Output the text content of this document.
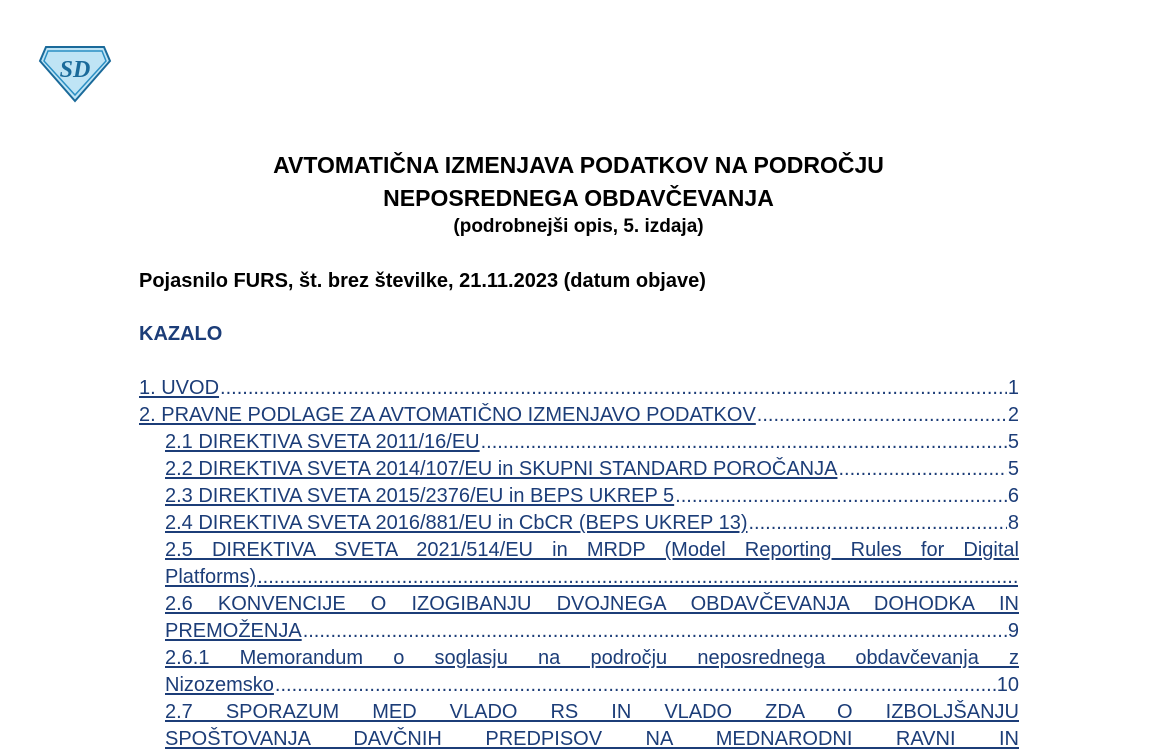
SD
AVTOMATIČNA IZMENJAVA PODATKOV NA PODROČJU
NEPOSREDNEGA OBDAVČEVANJA
(podrobnejši opis, 5. izdaja)
Pojasnilo FURS, št. brez številke, 21.11.2023 (datum objave)
KAZALO
1. UVOD .....	1
2. PRAVNE PODLAGE ZA AVTOMATIČNO IZMENJAVO PODATKOV .....	2
2.1 DIREKTIVA SVETA 2011/16/EU .....	5
2.2 DIREKTIVA SVETA 2014/107/EU in SKUPNI STANDARD POROČANJA .....	5
2.3 DIREKTIVA SVETA 2015/2376/EU in BEPS UKREP 5 .....	6
2.4 DIREKTIVA SVETA 2016/881/EU in CbCR (BEPS UKREP 13) .....	8
2.5 DIREKTIVA SVETA 2021/514/EU in MRDP (Model Reporting Rules for Digital
Platforms)
.....
2.6 KONVENCIJE O IZOGIBANJU DVOJNEGA OBDAVČEVANJA DOHODKA IN
PREMOŽENJA .....	9
2.6.1 Memorandum o soglasju na področju neposrednega obdavčevanja z
Nizozemsko .....	10
2.7 SPORAZUM MED VLADO RS IN VLADO ZDA O IZBOLJŠANJU
SPOŠTOVANJA DAVČNIH PREDPISOV NA MEDNARODNI RAVNI IN
